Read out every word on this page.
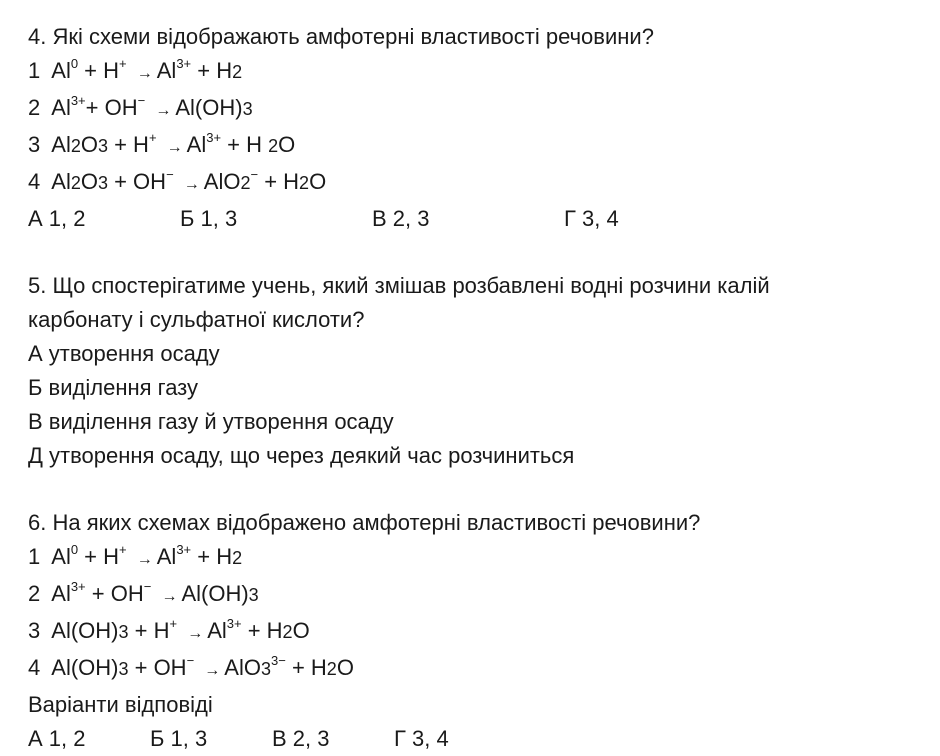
4. Які схеми відображають амфотерні властивості речовини?
1 $Al^0 + H^+ \to Al^{3+} + H2$
2 $Al^{3+}+ OH^- \to Al(OH)3$
3 $Al2O3 + H^+ \to Al^{3+} + H$ 2O
4 Al2O3 + OH− → AlO2− + H2O
А 1, 2	Б 1, 3	В 2, 3	Г 3, 4
5. Що спостерігатиме учень, який змішав розбавлені водні розчини калій
карбонату і сульфатної кислоти?
А утворення осаду
Б виділення газу
В виділення газу й утворення осаду
Д утворення осаду, що через деякий час розчиниться
6. На яких схемах відображено амфотерні властивості речовини?
1 $Al^0 + H^+ \to Al^{3+} + H2$
2 $Al^{3+} + OH^- \to Al(OH)3$
3 $Al(OH)3 + H^+ \to Al^{3+} + H2O$
4 $Al(OH)3 + OH^- \to AlO3^{3-} + H2O$
Варіанти відповіді
А 1, 2	Б 1, 3	В 2, 3	Г 3, 4
